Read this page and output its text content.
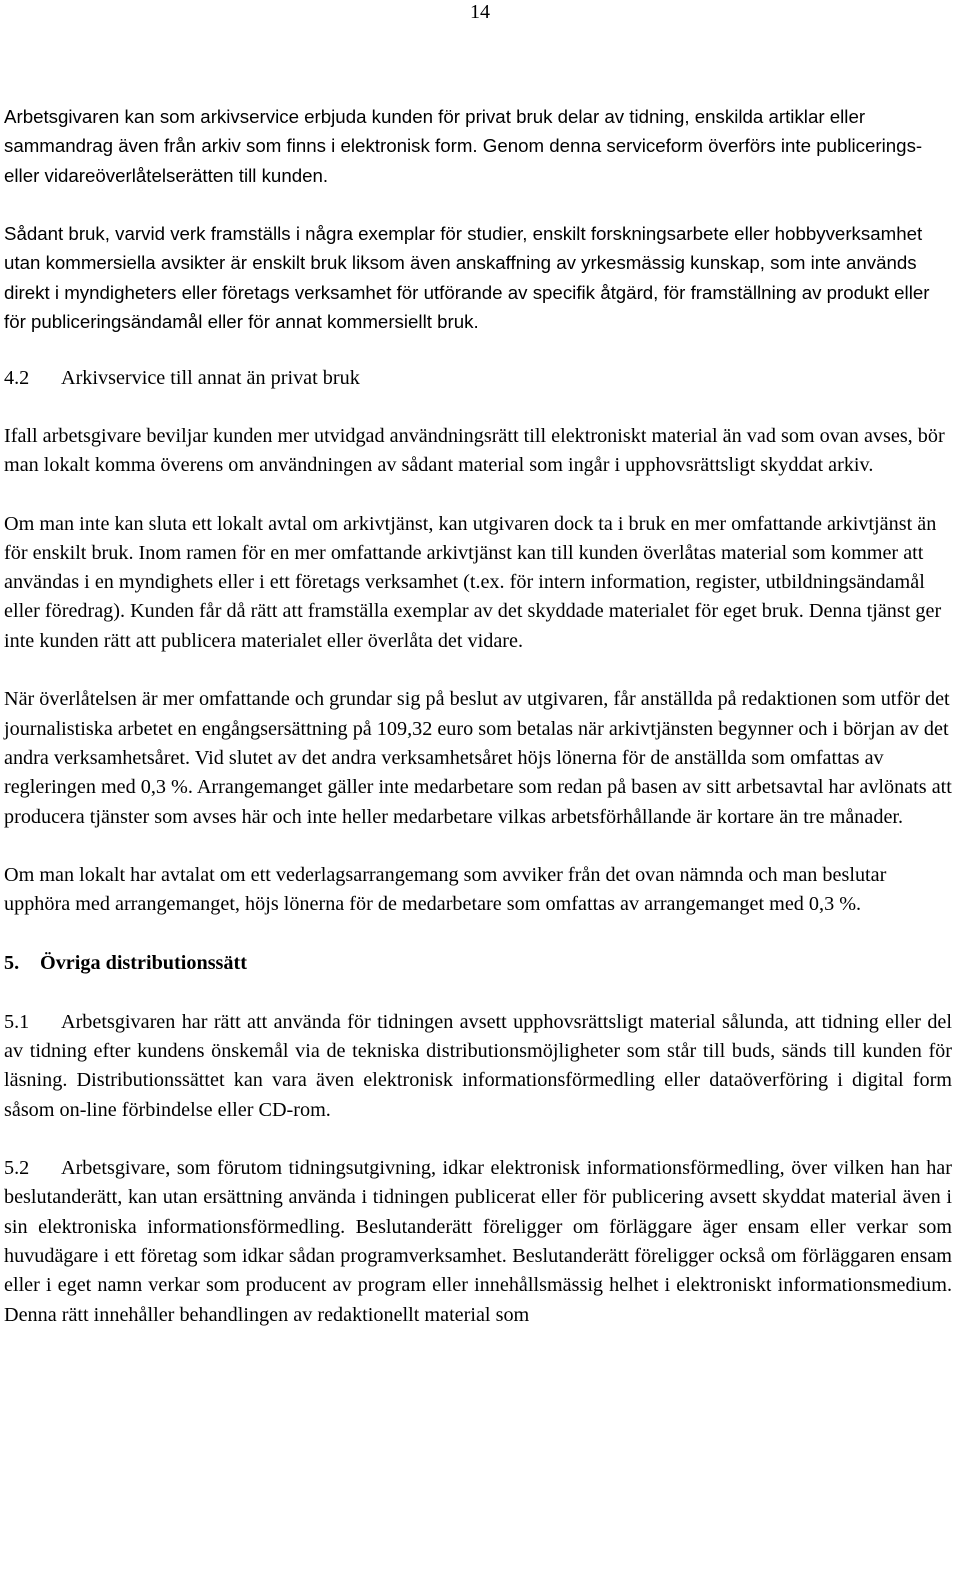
14

Arbetsgivaren kan som arkivservice erbjuda kunden för privat bruk delar av tidning, enskilda artiklar eller sammandrag även från arkiv som finns i elektronisk form. Genom denna serviceform överförs inte publicerings- eller vidareöverlåtelserätten till kunden.

Sådant bruk, varvid verk framställs i några exemplar för studier, enskilt forskningsarbete eller hobbyverksamhet utan kommersiella avsikter är enskilt bruk liksom även anskaffning av yrkesmässig kunskap, som inte används direkt i myndigheters eller företags verksamhet för utförande av specifik åtgärd, för framställning av produkt eller för publiceringsändamål eller för annat kommersiellt bruk.

4.2 Arkivservice till annat än privat bruk

Ifall arbetsgivare beviljar kunden mer utvidgad användningsrätt till elektroniskt material än vad som ovan avses, bör man lokalt komma överens om användningen av sådant material som ingår i upphovsrättsligt skyddat arkiv.

Om man inte kan sluta ett lokalt avtal om arkivtjänst, kan utgivaren dock ta i bruk en mer omfattande arkivtjänst än för enskilt bruk. Inom ramen för en mer omfattande arkivtjänst kan till kunden överlåtas material som kommer att användas i en myndighets eller i ett företags verksamhet (t.ex. för intern information, register, utbildningsändamål eller föredrag). Kunden får då rätt att framställa exemplar av det skyddade materialet för eget bruk. Denna tjänst ger inte kunden rätt att publicera materialet eller överlåta det vidare.

När överlåtelsen är mer omfattande och grundar sig på beslut av utgivaren, får anställda på redaktionen som utför det journalistiska arbetet en engångsersättning på 109,32 euro som betalas när arkivtjänsten begynner och i början av det andra verksamhetsåret. Vid slutet av det andra verksamhetsåret höjs lönerna för de anställda som omfattas av regleringen med 0,3 %. Arrangemanget gäller inte medarbetare som redan på basen av sitt arbetsavtal har avlönats att producera tjänster som avses här och inte heller medarbetare vilkas arbetsförhållande är kortare än tre månader.

Om man lokalt har avtalat om ett vederlagsarrangemang som avviker från det ovan nämnda och man beslutar upphöra med arrangemanget, höjs lönerna för de medarbetare som omfattas av arrangemanget med 0,3 %.

5. Övriga distributionssätt

5.1 Arbetsgivaren har rätt att använda för tidningen avsett upphovsrättsligt material sålunda, att tidning eller del av tidning efter kundens önskemål via de tekniska distributionsmöjligheter som står till buds, sänds till kunden för läsning. Distributionssättet kan vara även elektronisk informationsförmedling eller dataöverföring i digital form såsom on-line förbindelse eller CD-rom.

5.2 Arbetsgivare, som förutom tidningsutgivning, idkar elektronisk informationsförmedling, över vilken han har beslutanderätt, kan utan ersättning använda i tidningen publicerat eller för publicering avsett skyddat material även i sin elektroniska informationsförmedling. Beslutanderätt föreligger om förläggare äger ensam eller verkar som huvudägare i ett företag som idkar sådan programverksamhet. Beslutanderätt föreligger också om förläggaren ensam eller i eget namn verkar som producent av program eller innehållsmässig helhet i elektroniskt informationsmedium. Denna rätt innehåller behandlingen av redaktionellt material som
